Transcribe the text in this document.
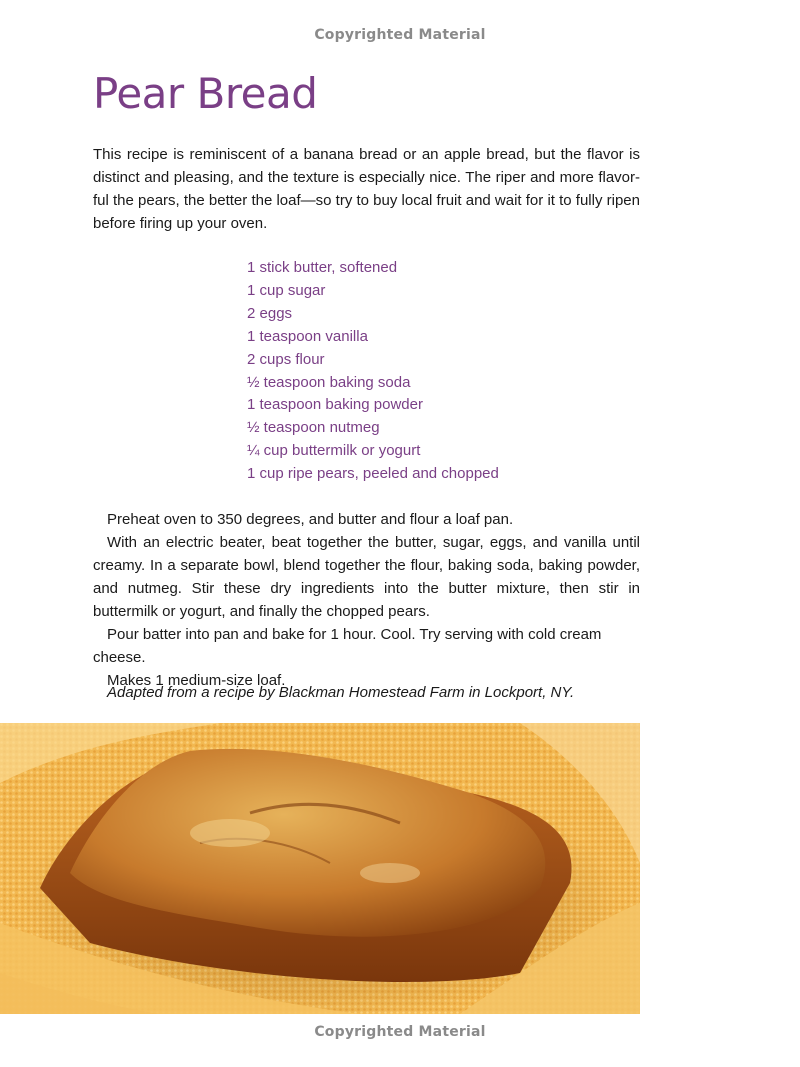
Copyrighted Material
Pear Bread

This recipe is reminiscent of a banana bread or an apple bread, but the flavor is distinct and pleasing, and the texture is especially nice. The riper and more flavor-ful the pears, the better the loaf—so try to buy local fruit and wait for it to fully ripen before firing up your oven.

1 stick butter, softened
1 cup sugar
2 eggs
1 teaspoon vanilla
2 cups flour
½ teaspoon baking soda
1 teaspoon baking powder
½ teaspoon nutmeg
¼ cup buttermilk or yogurt
1 cup ripe pears, peeled and chopped

Preheat oven to 350 degrees, and butter and flour a loaf pan.

With an electric beater, beat together the butter, sugar, eggs, and vanilla until creamy. In a separate bowl, blend together the flour, baking soda, baking powder, and nutmeg. Stir these dry ingredients into the butter mixture, then stir in buttermilk or yogurt, and finally the chopped pears.

Pour batter into pan and bake for 1 hour. Cool. Try serving with cold cream cheese.

Makes 1 medium-size loaf.

Adapted from a recipe by Blackman Homestead Farm in Lockport, NY.

Copyrighted Material
